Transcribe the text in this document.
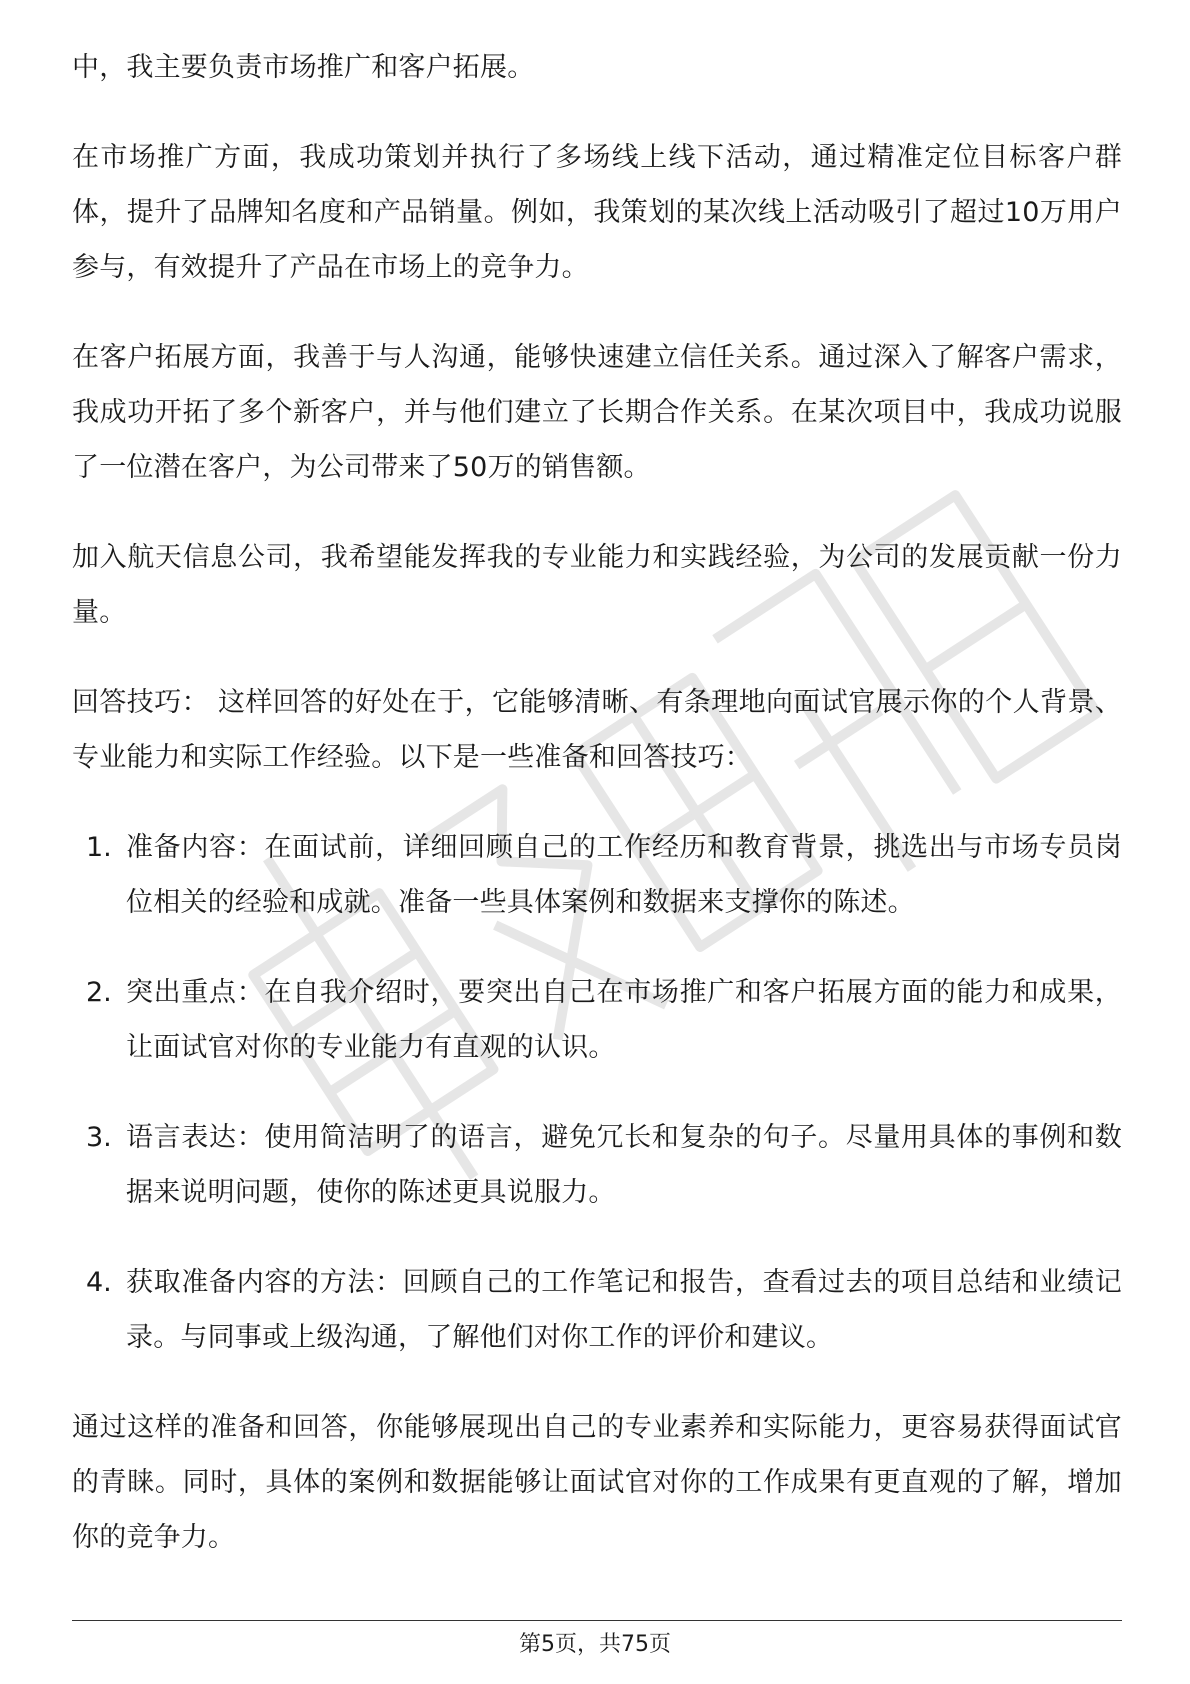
中，我主要负责市场推广和客户拓展。

在市场推广方面，我成功策划并执行了多场线上线下活动，通过精准定位目标客户群体，提升了品牌知名度和产品销量。例如，我策划的某次线上活动吸引了超过10万用户参与，有效提升了产品在市场上的竞争力。

在客户拓展方面，我善于与人沟通，能够快速建立信任关系。通过深入了解客户需求，我成功开拓了多个新客户，并与他们建立了长期合作关系。在某次项目中，我成功说服了一位潜在客户，为公司带来了50万的销售额。

加入航天信息公司，我希望能发挥我的专业能力和实践经验，为公司的发展贡献一份力量。

回答技巧： 这样回答的好处在于，它能够清晰、有条理地向面试官展示你的个人背景、专业能力和实际工作经验。以下是一些准备和回答技巧：

1. 准备内容：在面试前，详细回顾自己的工作经历和教育背景，挑选出与市场专员岗位相关的经验和成就。准备一些具体案例和数据来支撑你的陈述。

2. 突出重点：在自我介绍时，要突出自己在市场推广和客户拓展方面的能力和成果，让面试官对你的专业能力有直观的认识。

3. 语言表达：使用简洁明了的语言，避免冗长和复杂的句子。尽量用具体的事例和数据来说明问题，使你的陈述更具说服力。

4. 获取准备内容的方法：回顾自己的工作笔记和报告，查看过去的项目总结和业绩记录。与同事或上级沟通，了解他们对你工作的评价和建议。

通过这样的准备和回答，你能够展现出自己的专业素养和实际能力，更容易获得面试官的青睐。同时，具体的案例和数据能够让面试官对你的工作成果有更直观的了解，增加你的竞争力。

第5页，共75页
